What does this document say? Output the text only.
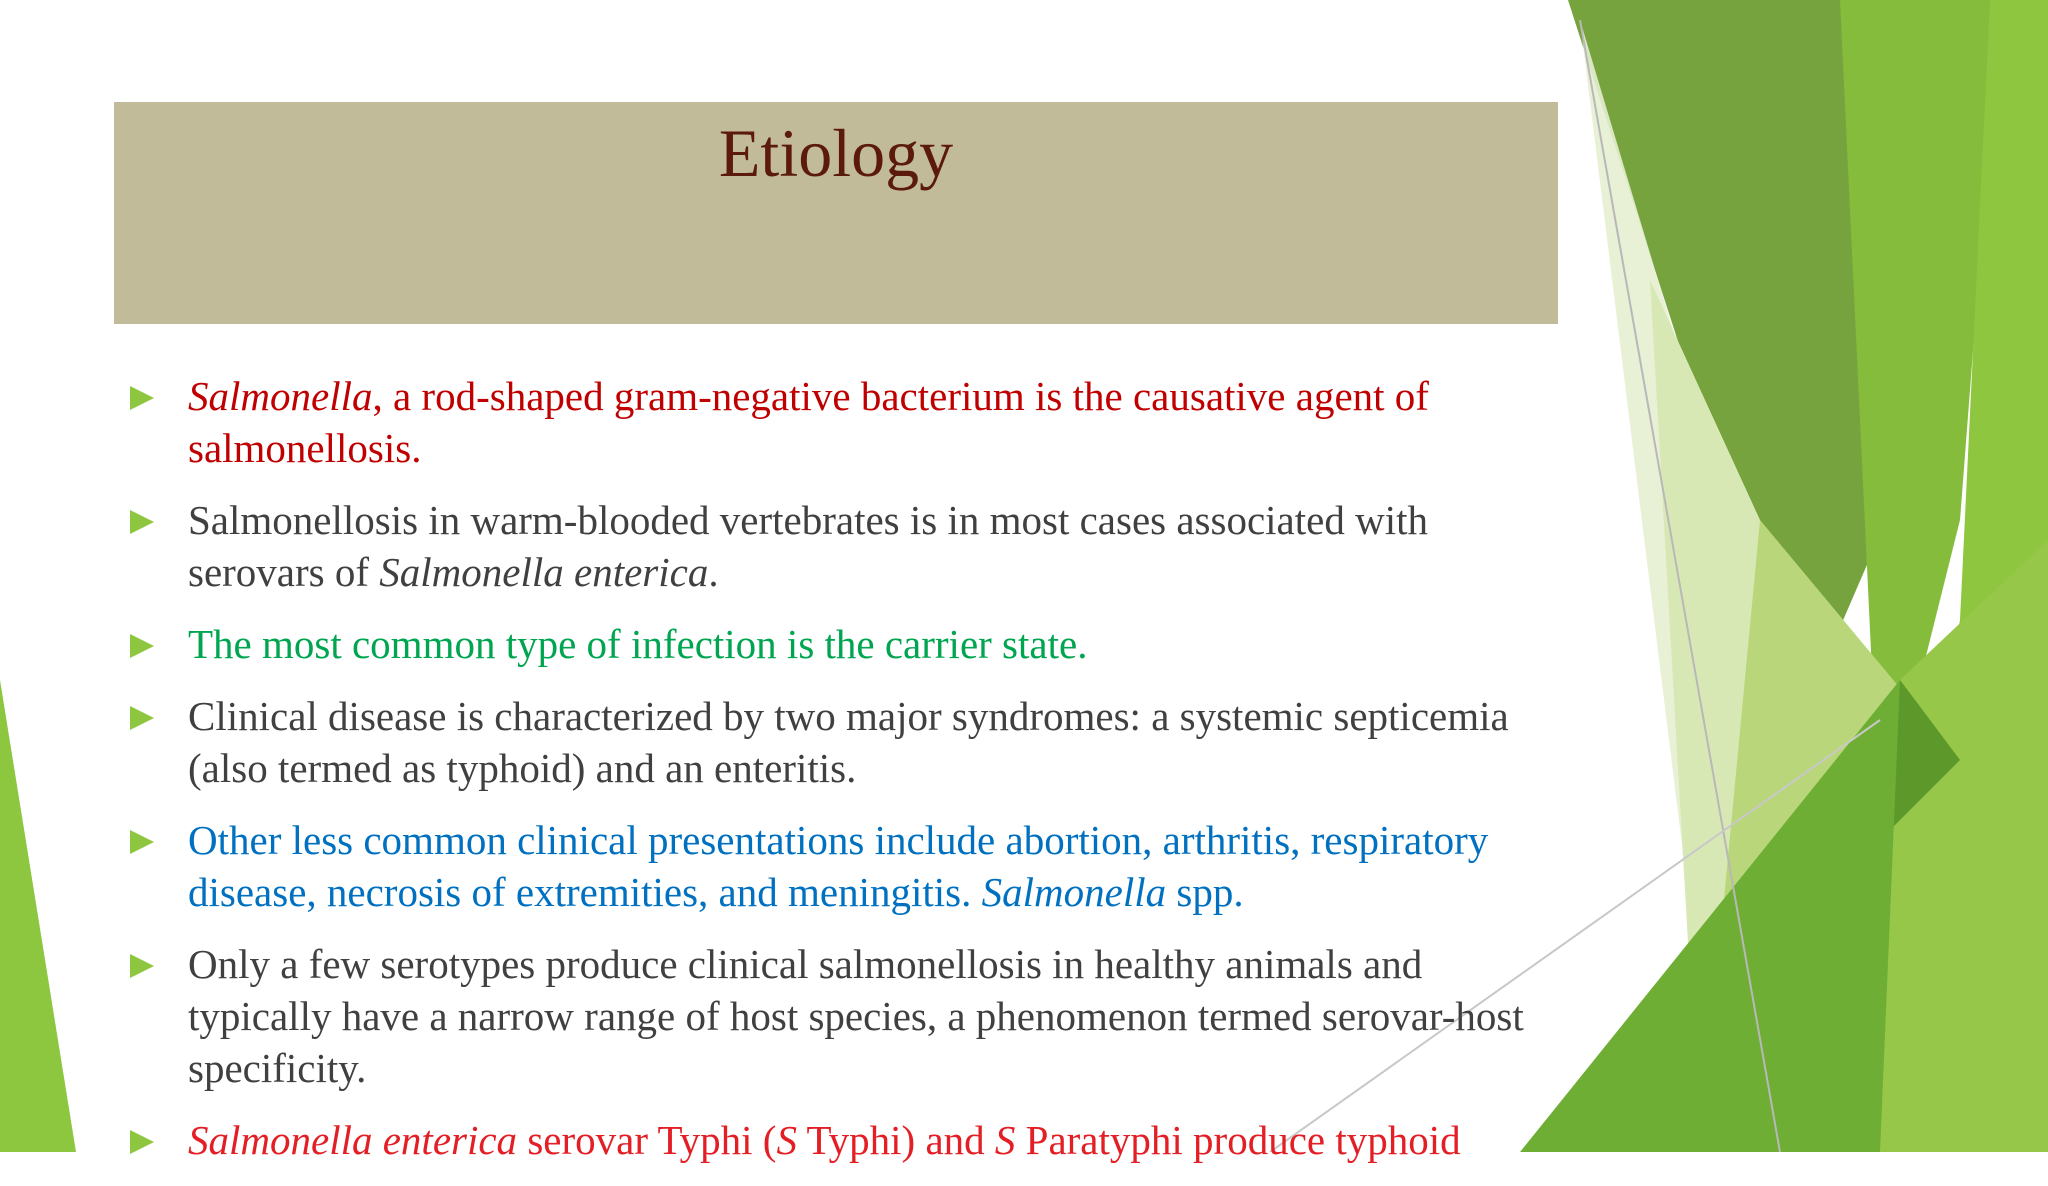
Etiology
Salmonella, a rod-shaped gram-negative bacterium is the causative agent of salmonellosis.
Salmonellosis in warm-blooded vertebrates is in most cases associated with serovars of Salmonella enterica.
The most common type of infection is the carrier state.
Clinical disease is characterized by two major syndromes: a systemic septicemia (also termed as typhoid) and an enteritis.
Other less common clinical presentations include abortion, arthritis, respiratory disease, necrosis of extremities, and meningitis. Salmonella spp.
Only a few serotypes produce clinical salmonellosis in healthy animals and typically have a narrow range of host species, a phenomenon termed serovar-host specificity.
Salmonella enterica serovar Typhi (S Typhi) and S Paratyphi produce typhoid
